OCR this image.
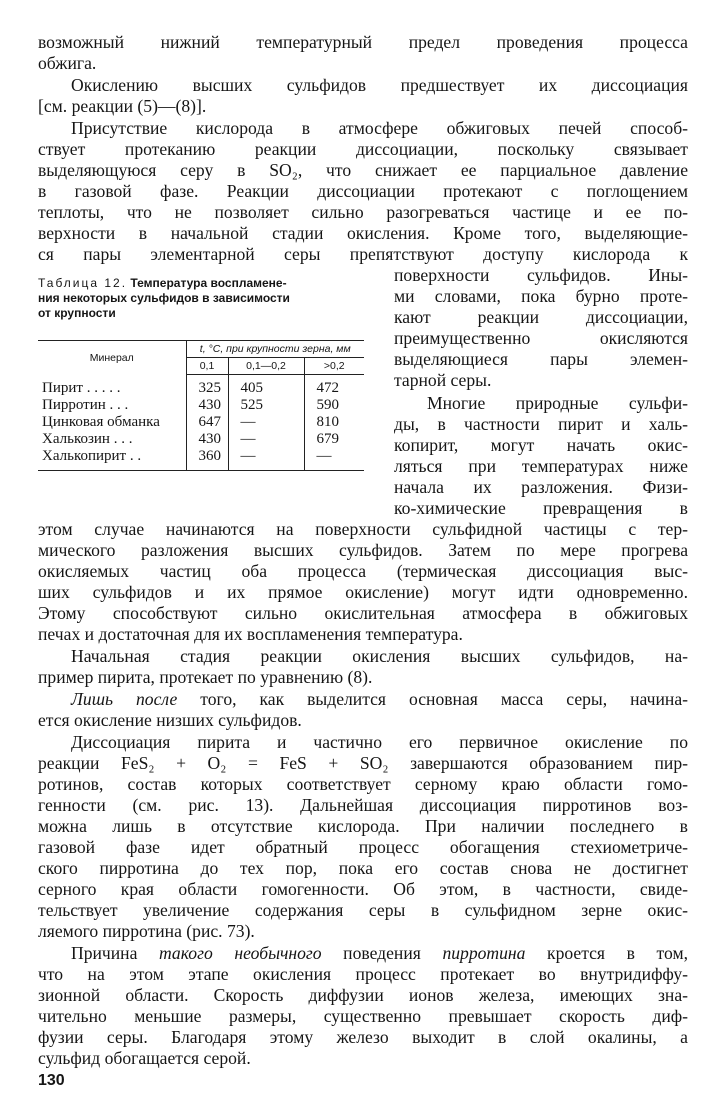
возможный нижний температурный предел проведения процесса
обжига.
Окислению высших сульфидов предшествует их диссоциация
[см. реакции (5)—(8)].
Присутствие кислорода в атмосфере обжиговых печей способ-
ствует протеканию реакции диссоциации, поскольку связывает
выделяющуюся серу в SO₂, что снижает ее парциальное давление
в газовой фазе. Реакции диссоциации протекают с поглощением
теплоты, что не позволяет сильно разогреваться частице и ее по-
верхности в начальной стадии окисления. Кроме того, выделяющие-
ся пары элементарной серы препятствуют доступу кислорода к
поверхности сульфидов. Ины-
ми словами, пока бурно проте-
кают реакции диссоциации,
преимущественно окисляются
выделяющиеся пары элемен-
тарной серы.
Многие природные сульфи-
ды, в частности пирит и халь-
копирит, могут начать окис-
ляться при температурах ниже
начала их разложения. Физи-
ко-химические превращения в
Таблица 12. Температура воспламене-
ния некоторых сульфидов в зависимости
от крупности
Минерал	t, °С, при крупности зерна, мм		
	0,1	0,1—0,2	>0,2
Пирит . . . . .	325	405	472
Пирротин . . .	430	525	590
Цинковая обманка	647	—	810
Халькозин . . .	430	—	679
Халькопирит . .	360	—	—
этом случае начинаются на поверхности сульфидной частицы с тер-
мического разложения высших сульфидов. Затем по мере прогрева
окисляемых частиц оба процесса (термическая диссоциация выс-
ших сульфидов и их прямое окисление) могут идти одновременно.
Этому способствуют сильно окислительная атмосфера в обжиговых
печах и достаточная для их воспламенения температура.
Начальная стадия реакции окисления высших сульфидов, на-
пример пирита, протекает по уравнению (8).
Лишь после того, как выделится основная масса серы, начина-
ется окисление низших сульфидов.
Диссоциация пирита и частично его первичное окисление по
реакции FeS₂ + O₂ = FeS + SO₂ завершаются образованием пир-
ротинов, состав которых соответствует серному краю области гомо-
генности (см. рис. 13). Дальнейшая диссоциация пирротинов воз-
можна лишь в отсутствие кислорода. При наличии последнего в
газовой фазе идет обратный процесс обогащения стехиометриче-
ского пирротина до тех пор, пока его состав снова не достигнет
серного края области гомогенности. Об этом, в частности, свиде-
тельствует увеличение содержания серы в сульфидном зерне окис-
ляемого пирротина (рис. 73).
Причина такого необычного поведения пирротина кроется в том,
что на этом этапе окисления процесс протекает во внутридиффу-
зионной области. Скорость диффузии ионов железа, имеющих зна-
чительно меньшие размеры, существенно превышает скорость диф-
фузии серы. Благодаря этому железо выходит в слой окалины, а
сульфид обогащается серой.
130
